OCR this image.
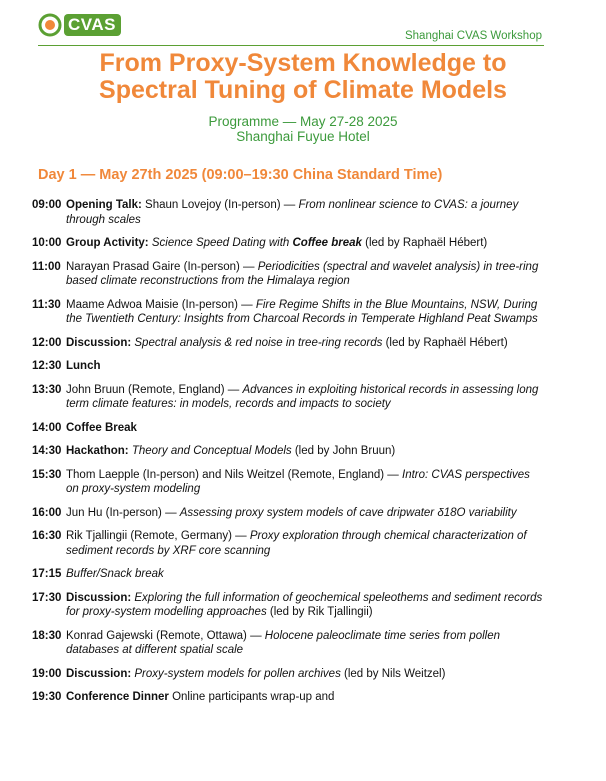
CVAS
Shanghai CVAS Workshop
From Proxy-System Knowledge to
Spectral Tuning of Climate Models
Programme — May 27-28 2025
Shanghai Fuyue Hotel
Day 1 — May 27th 2025 (09:00–19:30 China Standard Time)
09:00 Opening Talk: Shaun Lovejoy (In-person) — From nonlinear science to CVAS: a journey through scales
10:00 Group Activity: Science Speed Dating with Coffee break (led by Raphaël Hébert)
11:00 Narayan Prasad Gaire (In-person) — Periodicities (spectral and wavelet analysis) in tree-ring based climate reconstructions from the Himalaya region
11:30 Maame Adwoa Maisie (In-person) — Fire Regime Shifts in the Blue Mountains, NSW, During the Twentieth Century: Insights from Charcoal Records in Temperate Highland Peat Swamps
12:00 Discussion: Spectral analysis & red noise in tree-ring records (led by Raphaël Hébert)
12:30 Lunch
13:30 John Bruun (Remote, England) — Advances in exploiting historical records in assessing long term climate features: in models, records and impacts to society
14:00 Coffee Break
14:30 Hackathon: Theory and Conceptual Models (led by John Bruun)
15:30 Thom Laepple (In-person) and Nils Weitzel (Remote, England) — Intro: CVAS perspectives on proxy-system modeling
16:00 Jun Hu (In-person) — Assessing proxy system models of cave dripwater δ18O variability
16:30 Rik Tjallingii (Remote, Germany) — Proxy exploration through chemical characterization of sediment records by XRF core scanning
17:15 Buffer/Snack break
17:30 Discussion: Exploring the full information of geochemical speleothems and sediment records for proxy-system modelling approaches (led by Rik Tjallingii)
18:30 Konrad Gajewski (Remote, Ottawa) — Holocene paleoclimate time series from pollen databases at different spatial scale
19:00 Discussion: Proxy-system models for pollen archives (led by Nils Weitzel)
19:30 Conference Dinner Online participants wrap-up and
